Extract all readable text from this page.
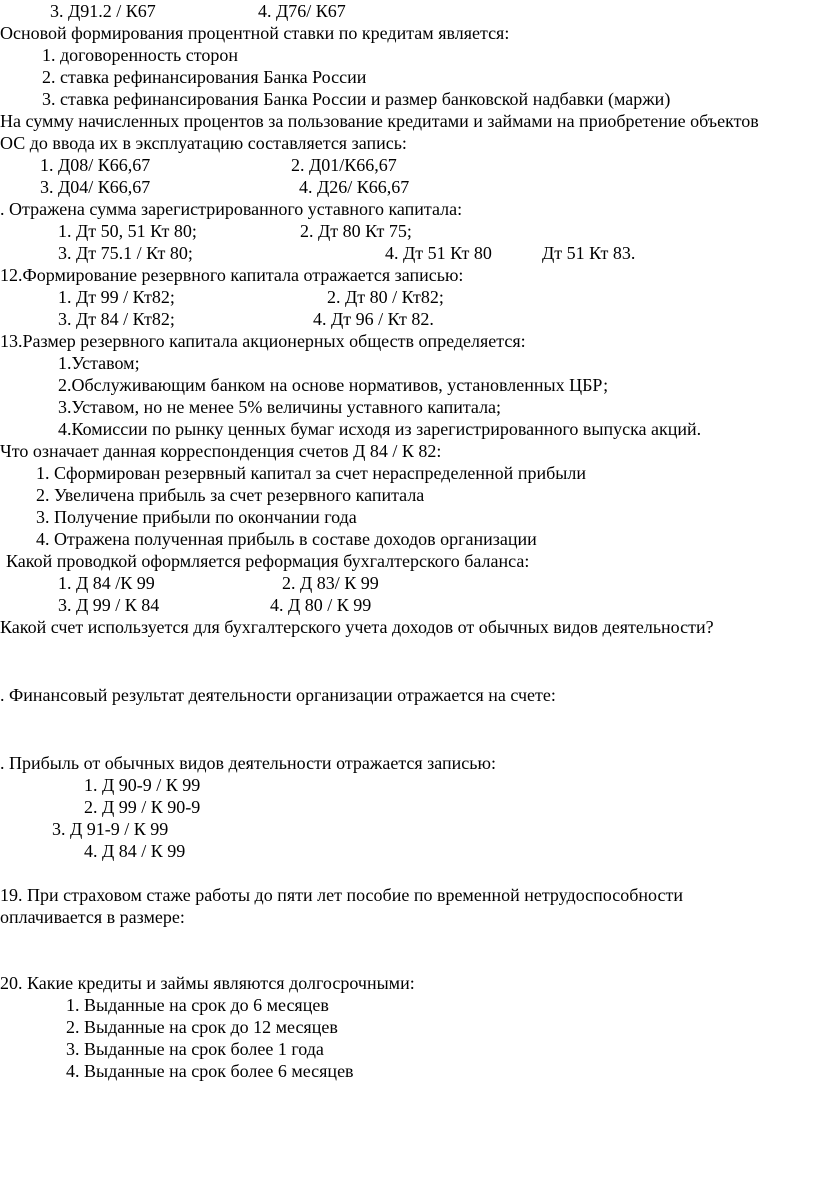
3. Д91.2 / К67	4. Д76/ К67
Основой формирования процентной ставки по кредитам является:
1. договоренность сторон
2. ставка рефинансирования Банка России
3. ставка рефинансирования Банка России и размер банковской надбавки (маржи)
На сумму начисленных процентов за пользование кредитами и займами на приобретение объектов
ОС до ввода их в эксплуатацию составляется запись:
1. Д08/ К66,67	2. Д01/К66,67
3. Д04/ К66,67	4. Д26/ К66,67
. Отражена сумма зарегистрированного уставного капитала:
1. Дт 50, 51 Кт 80;	2. Дт 80 Кт 75;
3. Дт 75.1 / Кт 80;	4. Дт 51 Кт 80	Дт 51 Кт 83.
12.Формирование резервного капитала отражается записью:
1. Дт 99 / Кт82;	2. Дт 80 / Кт82;
3. Дт 84 / Кт82;	4. Дт 96 / Кт 82.
13.Размер резервного капитала акционерных обществ определяется:
1.Уставом;
2.Обслуживающим банком на основе нормативов, установленных ЦБР;
3.Уставом, но не менее 5% величины уставного капитала;
4.Комиссии по рынку ценных бумаг исходя из зарегистрированного выпуска акций.
Что означает данная корреспонденция счетов Д 84 / К 82:
1. Сформирован резервный капитал за счет нераспределенной прибыли
2. Увеличена прибыль за счет резервного капитала
3. Получение прибыли по окончании года
4. Отражена полученная прибыль в составе доходов организации
Какой проводкой оформляется реформация бухгалтерского баланса:
1. Д 84 /К 99	2. Д 83/ К 99
3. Д 99 / К 84	4. Д 80 / К 99
Какой счет используется для бухгалтерского учета доходов от обычных видов деятельности?
. Финансовый результат деятельности организации отражается на счете:
. Прибыль от обычных видов деятельности отражается записью:
1. Д 90-9 / К 99
2. Д 99 / К 90-9
3. Д 91-9 / К 99
4. Д 84 / К 99
19. При страховом стаже работы до пяти лет пособие по временной нетрудоспособности
оплачивается в размере:
20. Какие кредиты и займы являются долгосрочными:
1. Выданные на срок до 6 месяцев
2. Выданные на срок до 12 месяцев
3. Выданные на срок более 1 года
4. Выданные на срок более 6 месяцев
